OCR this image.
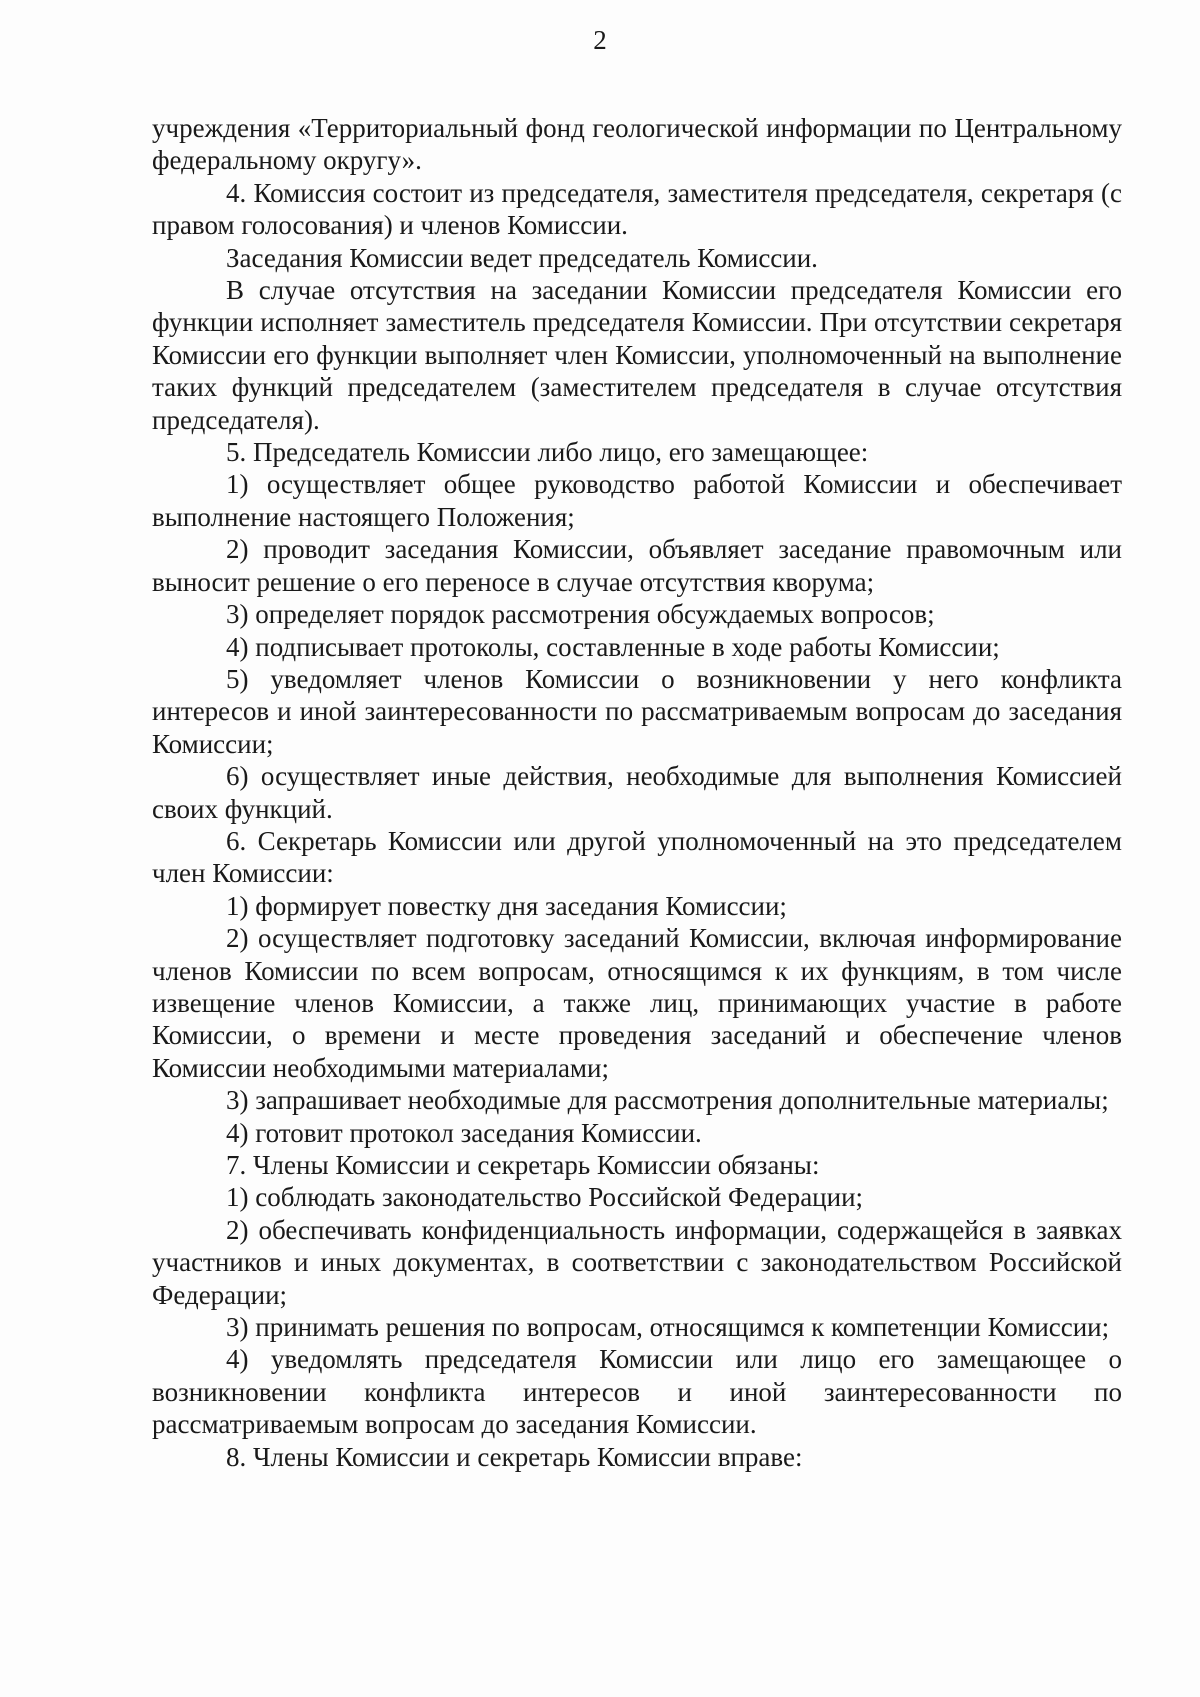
2

учреждения «Территориальный фонд геологической информации по Центральному федеральному округу».

4. Комиссия состоит из председателя, заместителя председателя, секретаря (с правом голосования) и членов Комиссии.

Заседания Комиссии ведет председатель Комиссии.

В случае отсутствия на заседании Комиссии председателя Комиссии его функции исполняет заместитель председателя Комиссии. При отсутствии секретаря Комиссии его функции выполняет член Комиссии, уполномоченный на выполнение таких функций председателем (заместителем председателя в случае отсутствия председателя).

5. Председатель Комиссии либо лицо, его замещающее:

1) осуществляет общее руководство работой Комиссии и обеспечивает выполнение настоящего Положения;

2) проводит заседания Комиссии, объявляет заседание правомочным или выносит решение о его переносе в случае отсутствия кворума;

3) определяет порядок рассмотрения обсуждаемых вопросов;

4) подписывает протоколы, составленные в ходе работы Комиссии;

5) уведомляет членов Комиссии о возникновении у него конфликта интересов и иной заинтересованности по рассматриваемым вопросам до заседания Комиссии;

6) осуществляет иные действия, необходимые для выполнения Комиссией своих функций.

6. Секретарь Комиссии или другой уполномоченный на это председателем член Комиссии:

1) формирует повестку дня заседания Комиссии;

2) осуществляет подготовку заседаний Комиссии, включая информирование членов Комиссии по всем вопросам, относящимся к их функциям, в том числе извещение членов Комиссии, а также лиц, принимающих участие в работе Комиссии, о времени и месте проведения заседаний и обеспечение членов Комиссии необходимыми материалами;

3) запрашивает необходимые для рассмотрения дополнительные материалы;

4) готовит протокол заседания Комиссии.

7. Члены Комиссии и секретарь Комиссии обязаны:

1) соблюдать законодательство Российской Федерации;

2) обеспечивать конфиденциальность информации, содержащейся в заявках участников и иных документах, в соответствии с законодательством Российской Федерации;

3) принимать решения по вопросам, относящимся к компетенции Комиссии;

4) уведомлять председателя Комиссии или лицо его замещающее о возникновении конфликта интересов и иной заинтересованности по рассматриваемым вопросам до заседания Комиссии.

8. Члены Комиссии и секретарь Комиссии вправе:
